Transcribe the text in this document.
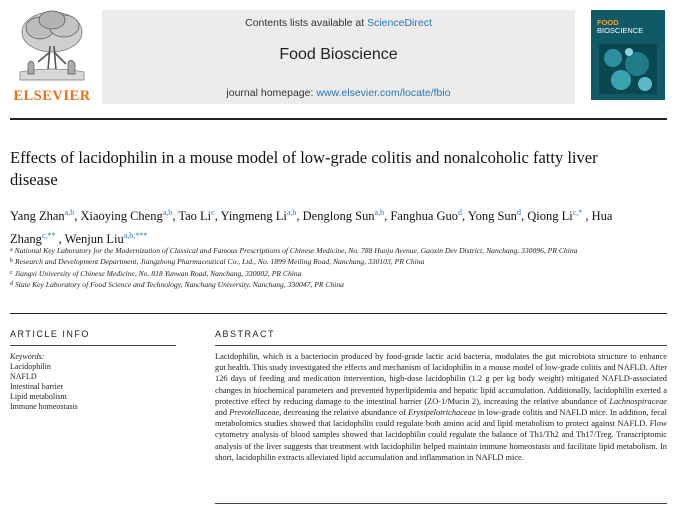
ELSEVIER
Contents lists available at ScienceDirect
Food Bioscience
journal homepage: www.elsevier.com/locate/fbio
FOOD
BIOSCIENCE
Effects of lacidophilin in a mouse model of low-grade colitis and nonalcoholic fatty liver disease
Yang Zhan$^{a,b}$, Xiaoying Cheng$^{a,b}$, Tao Li$^c$, Yingmeng Li$^{a,b}$, Denglong Sun$^{a,b}$, Fanghua Guo$^d$, Yong Sun$^d$, Qiong $Li^{c,*}$ , Hua Zhang$^{c,**}$ , Wenjun Liu$^{a,b,***}$
$^a$ National Key Laboratory for the Modernization of Classical and Famous Prescriptions of Chinese Medicine, No. 788 Huoju Avenue, Gaoxin Dev District, Nanchang, 330096, PR China
$^b$ Research and Development Department, Jiangzhong Pharmaceutical Co., Ltd., No. 1899 Meiling Road, Nanchang, 330103, PR China
$^c$ Jiangxi University of Chinese Medicine, No. 818 Yunwan Road, Nanchang, 330002, PR China
$^d$ State Key Laboratory of Food Science and Technology, Nanchang University, Nanchang, 330047, PR China
ARTICLE INFO
Keywords:
Lacidophilin
NAFLD
Intestinal barrier
Lipid metabolism
Immune homeostasis
ABSTRACT

Lacidophilin, which is a bacteriocin produced by food-grade lactic acid bacteria, modulates the gut microbiota structure to enhance gut health. This study investigated the effects and mechanism of lacidophilin in a mouse model of low-grade colitis and NAFLD. After 126 days of feeding and medication intervention, high-dose lacidophilin (1.2 g per kg body weight) mitigated NAFLD-associated changes in biochemical parameters and prevented hyperlipidemia and hepatic lipid accumulation. Additionally, lacidophilin exerted a protective effect by reducing damage to the intestinal barrier (ZO-1/Mucin 2), increasing the relative abundance of Lachnospiraceae and Prevotellaceae, decreasing the relative abundance of Erysipelotrichaceae in low-grade colitis and NAFLD mice. In addition, fecal metabolomics studies showed that lacidophilin could regulate both amino acid and lipid metabolism to protect against NAFLD. Flow cytometry analysis of blood samples showed that lacidophilin could regulate the balance of Th1/Th2 and Th17/Treg. Transcriptomic analysis of the liver suggests that treatment with lacidophilin helped maintain immune homeostasis and facilitate lipid metabolism. In short, lacidophilin extracts alleviated lipid accumulation and inflammation in NAFLD mice.
